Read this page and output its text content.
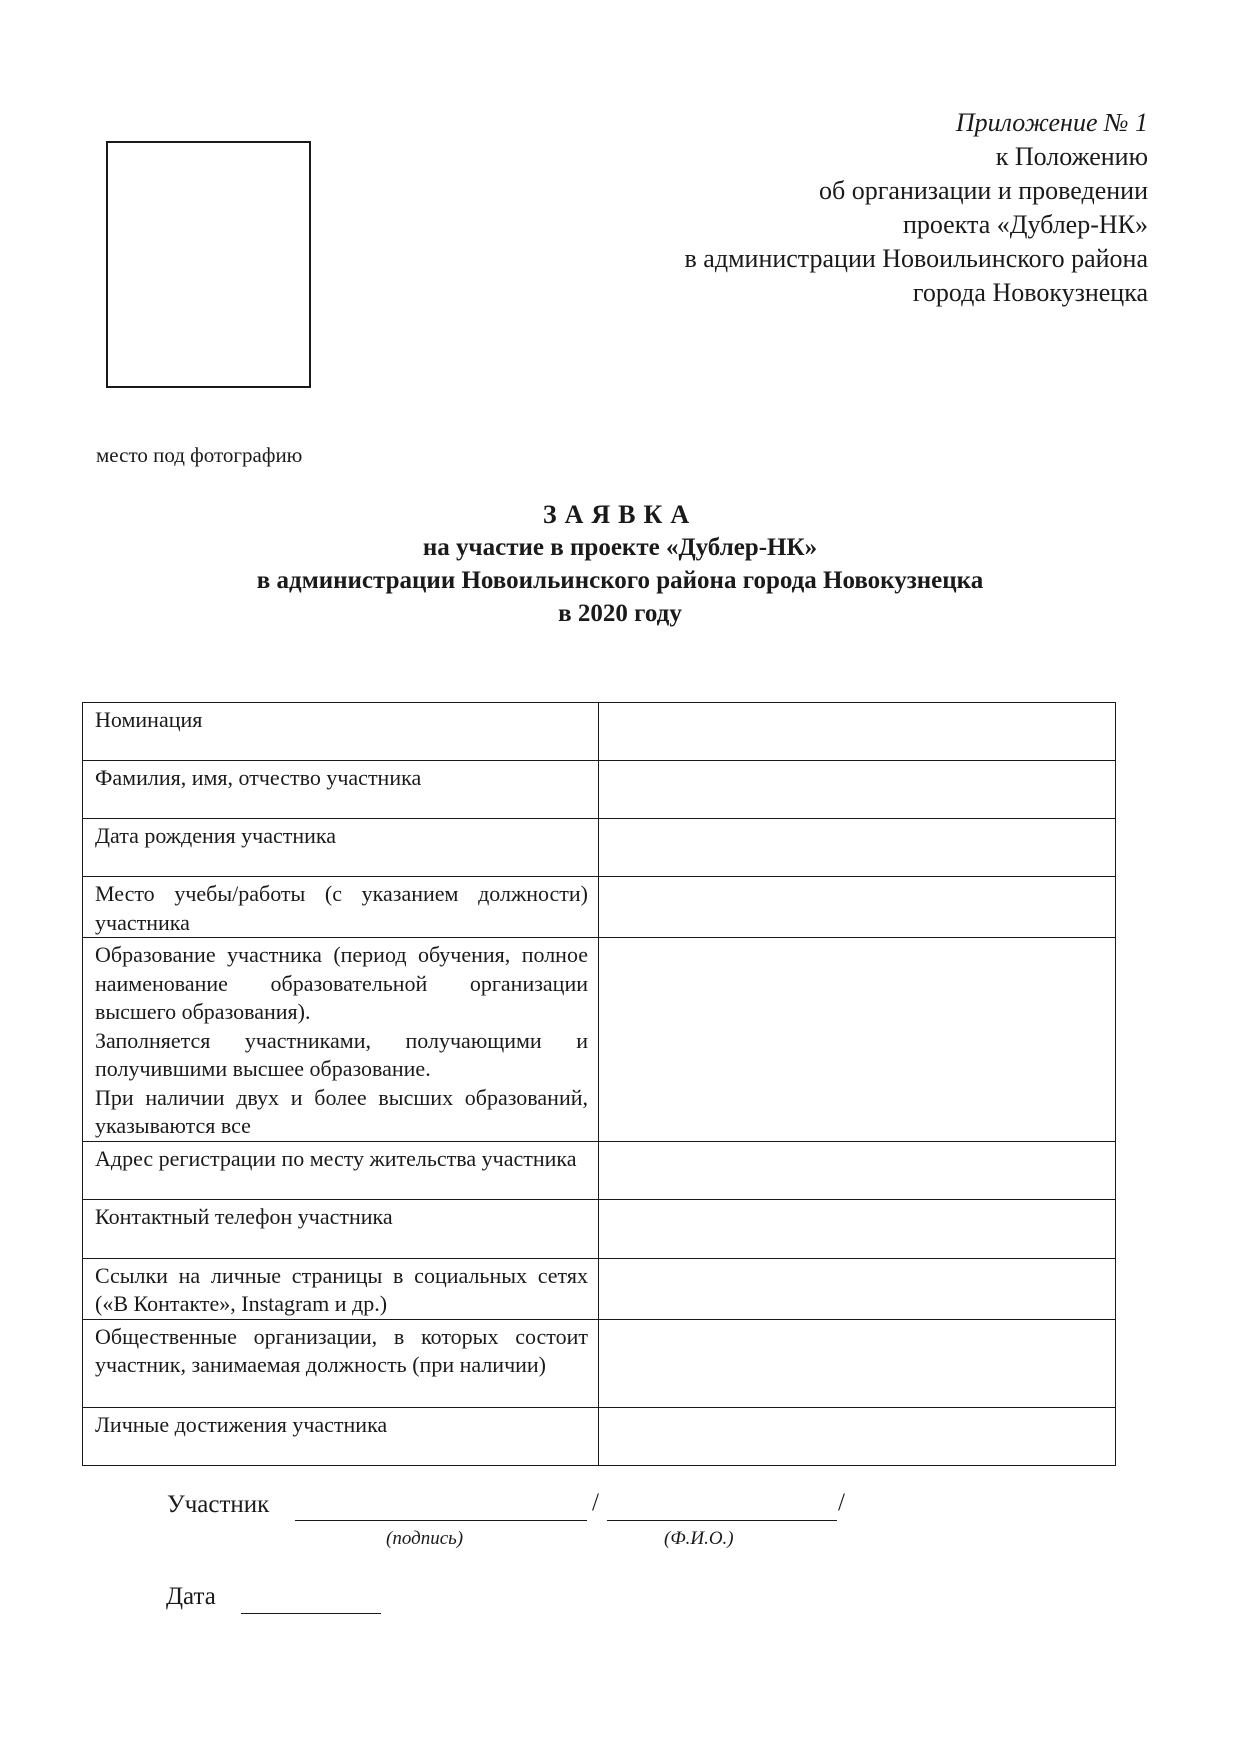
место под фотографию
Приложение № 1
к Положению
об организации и проведении
проекта «Дублер-НК»
в администрации Новоильинского района
города Новокузнецка
ЗАЯВКА
на участие в проекте «Дублер-НК»
в администрации Новоильинского района города Новокузнецка
в 2020 году
Номинация	
Фамилия, имя, отчество участника	
Дата рождения участника	
Место учебы/работы (с указанием должности) участника	

Образование участника (период обучения, полное наименование образовательной организации высшего образования).
Заполняется участниками, получающими и получившими высшее образование.
При наличии двух и более высших образований, указываются все	

Адрес регистрации по месту жительства участника	
Контактный телефон участника	
Ссылки на личные страницы в социальных сетях («В Контакте», Instagram и др.)	
Общественные организации, в которых состоит участник, занимаемая должность (при наличии)	
Личные достижения участника	
Участник	/	/
(подпись)	(Ф.И.О.)
Дата
